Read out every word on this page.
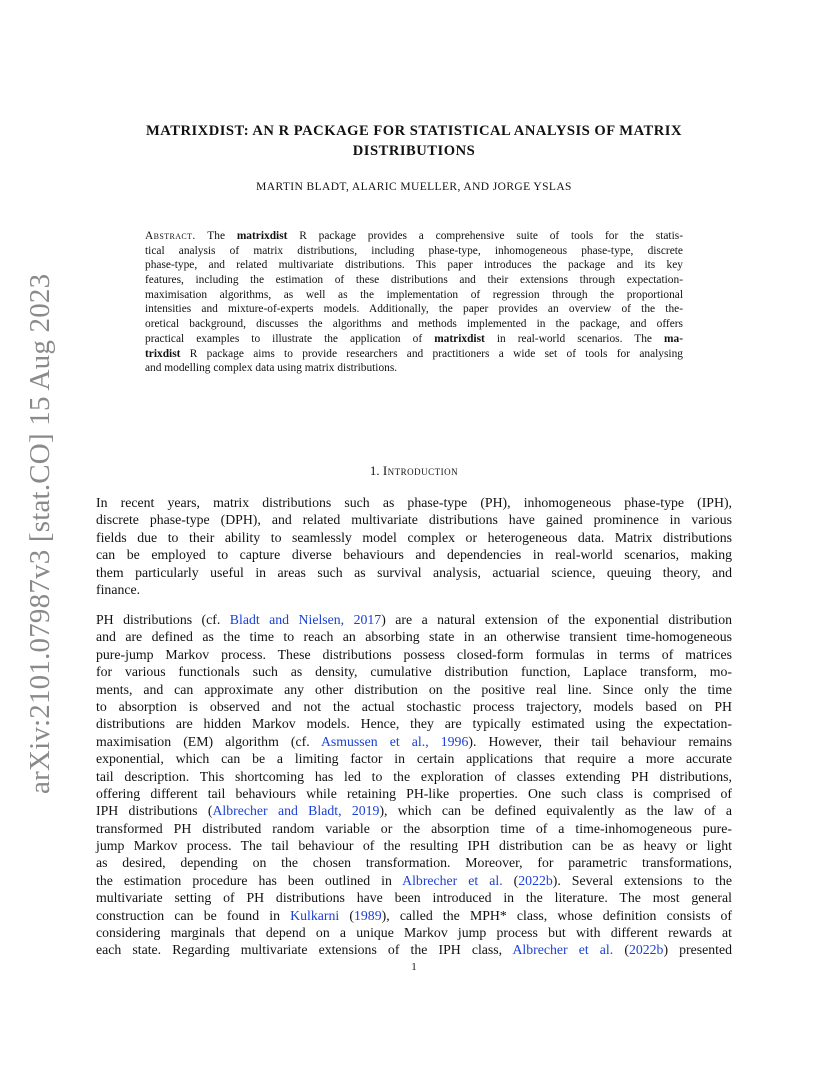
arXiv:2101.07987v3 [stat.CO] 15 Aug 2023
MATRIXDIST: AN R PACKAGE FOR STATISTICAL ANALYSIS OF MATRIX
DISTRIBUTIONS
MARTIN BLADT, ALARIC MUELLER, AND JORGE YSLAS
Abstract. The matrixdist R package provides a comprehensive suite of tools for the statis-
tical analysis of matrix distributions, including phase-type, inhomogeneous phase-type, discrete
phase-type, and related multivariate distributions. This paper introduces the package and its key
features, including the estimation of these distributions and their extensions through expectation-
maximisation algorithms, as well as the implementation of regression through the proportional
intensities and mixture-of-experts models. Additionally, the paper provides an overview of the the-
oretical background, discusses the algorithms and methods implemented in the package, and offers
practical examples to illustrate the application of matrixdist in real-world scenarios. The ma-
trixdist R package aims to provide researchers and practitioners a wide set of tools for analysing
and modelling complex data using matrix distributions.
1. Introduction
In recent years, matrix distributions such as phase-type (PH), inhomogeneous phase-type (IPH),
discrete phase-type (DPH), and related multivariate distributions have gained prominence in various
fields due to their ability to seamlessly model complex or heterogeneous data. Matrix distributions
can be employed to capture diverse behaviours and dependencies in real-world scenarios, making
them particularly useful in areas such as survival analysis, actuarial science, queuing theory, and
finance.
PH distributions (cf. Bladt and Nielsen, 2017) are a natural extension of the exponential distribution
and are defined as the time to reach an absorbing state in an otherwise transient time-homogeneous
pure-jump Markov process. These distributions possess closed-form formulas in terms of matrices
for various functionals such as density, cumulative distribution function, Laplace transform, mo-
ments, and can approximate any other distribution on the positive real line. Since only the time
to absorption is observed and not the actual stochastic process trajectory, models based on PH
distributions are hidden Markov models. Hence, they are typically estimated using the expectation-
maximisation (EM) algorithm (cf. Asmussen et al., 1996). However, their tail behaviour remains
exponential, which can be a limiting factor in certain applications that require a more accurate
tail description. This shortcoming has led to the exploration of classes extending PH distributions,
offering different tail behaviours while retaining PH-like properties. One such class is comprised of
IPH distributions (Albrecher and Bladt, 2019), which can be defined equivalently as the law of a
transformed PH distributed random variable or the absorption time of a time-inhomogeneous pure-
jump Markov process. The tail behaviour of the resulting IPH distribution can be as heavy or light
as desired, depending on the chosen transformation. Moreover, for parametric transformations,
the estimation procedure has been outlined in Albrecher et al. (2022b). Several extensions to the
multivariate setting of PH distributions have been introduced in the literature. The most general
construction can be found in Kulkarni (1989), called the MPH* class, whose definition consists of
considering marginals that depend on a unique Markov jump process but with different rewards at
each state. Regarding multivariate extensions of the IPH class, Albrecher et al. (2022b) presented
1
